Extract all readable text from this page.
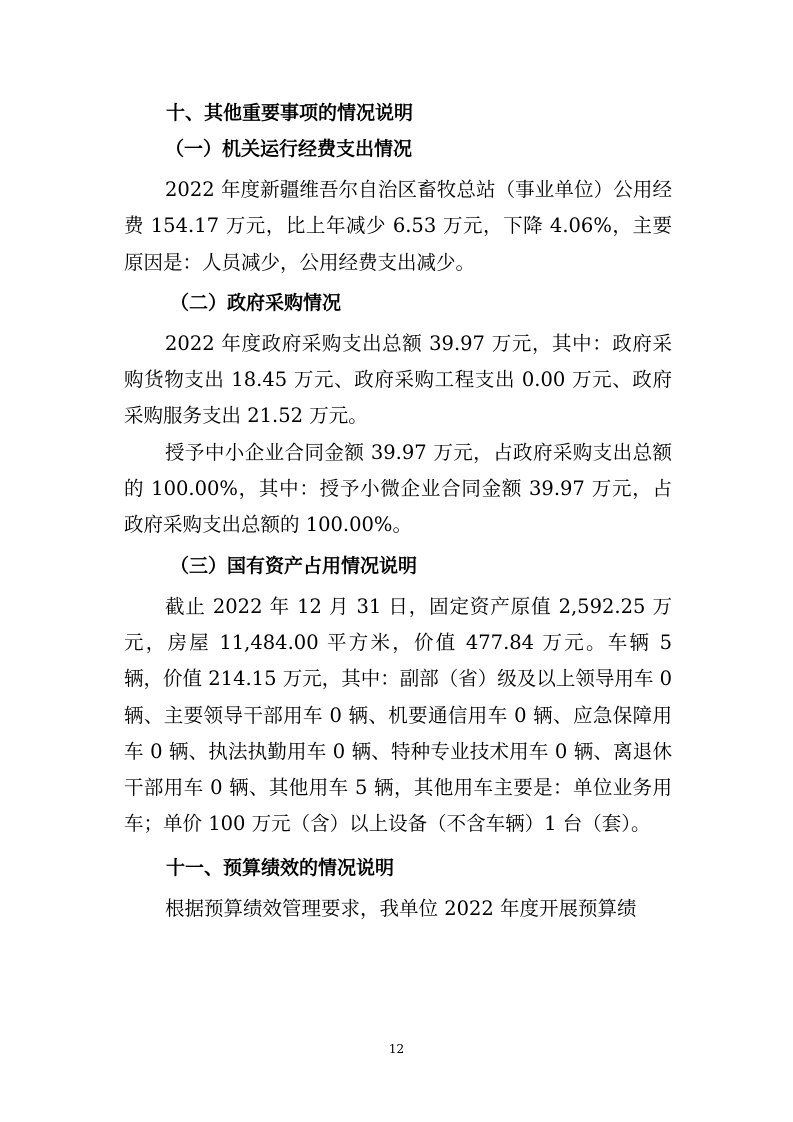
十、其他重要事项的情况说明
（一）机关运行经费支出情况

2022 年度新疆维吾尔自治区畜牧总站（事业单位）公用经费 154.17 万元，比上年减少 6.53 万元，下降 4.06%，主要原因是：人员减少，公用经费支出减少。

（二）政府采购情况

2022 年度政府采购支出总额 39.97 万元，其中：政府采购货物支出 18.45 万元、政府采购工程支出 0.00 万元、政府采购服务支出 21.52 万元。

授予中小企业合同金额 39.97 万元，占政府采购支出总额的 100.00%，其中：授予小微企业合同金额 39.97 万元，占政府采购支出总额的 100.00%。

（三）国有资产占用情况说明

截止 2022 年 12 月 31 日，固定资产原值 2,592.25 万元，房屋 11,484.00 平方米，价值 477.84 万元。车辆 5 辆，价值 214.15 万元，其中：副部（省）级及以上领导用车 0 辆、主要领导干部用车 0 辆、机要通信用车 0 辆、应急保障用车 0 辆、执法执勤用车 0 辆、特种专业技术用车 0 辆、离退休干部用车 0 辆、其他用车 5 辆，其他用车主要是：单位业务用车；单价 100 万元（含）以上设备（不含车辆）1 台（套）。

十一、预算绩效的情况说明

根据预算绩效管理要求，我单位 2022 年度开展预算绩

12
